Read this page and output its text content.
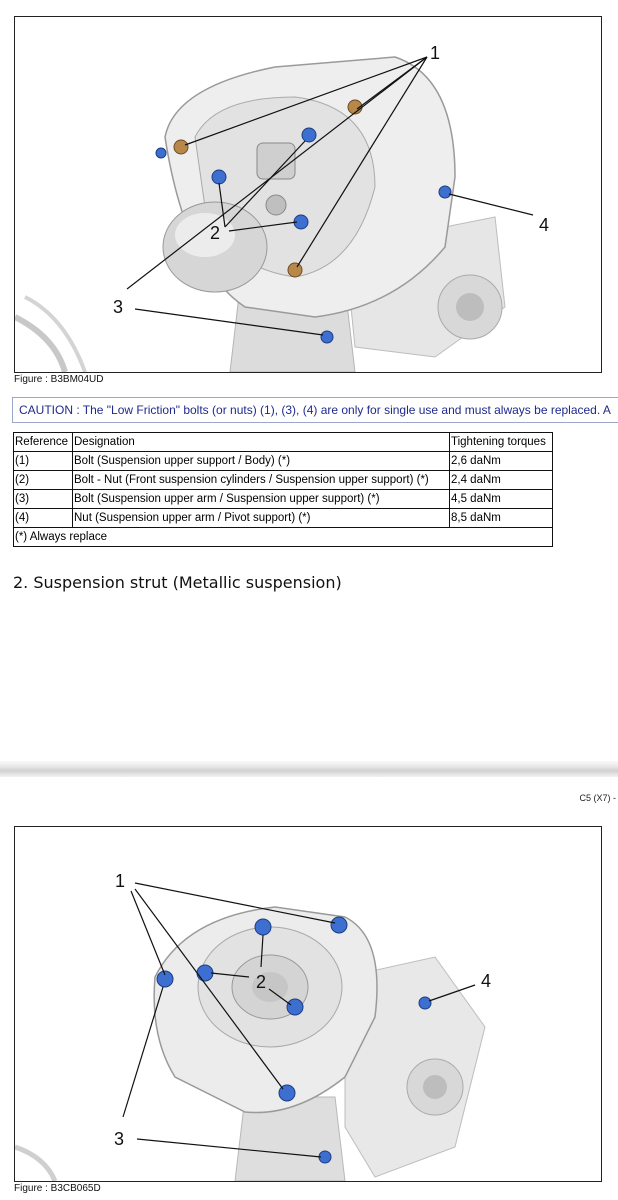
1
2
3
4
Figure : B3BM04UD
CAUTION : The "Low Friction" bolts (or nuts) (1), (3), (4) are only for single use and must always be replaced. A
Reference	Designation	Tightening torques
(1)	Bolt (Suspension upper support / Body) (*)	2,6 daNm
(2)	Bolt - Nut (Front suspension cylinders / Suspension upper support) (*)	2,4 daNm
(3)	Bolt (Suspension upper arm / Suspension upper support) (*)	4,5 daNm
(4)	Nut (Suspension upper arm / Pivot support) (*)	8,5 daNm
(*) Always replace		
2. Suspension strut (Metallic suspension)
C5 (X7) -
1
2
3
4
Figure : B3CB065D
